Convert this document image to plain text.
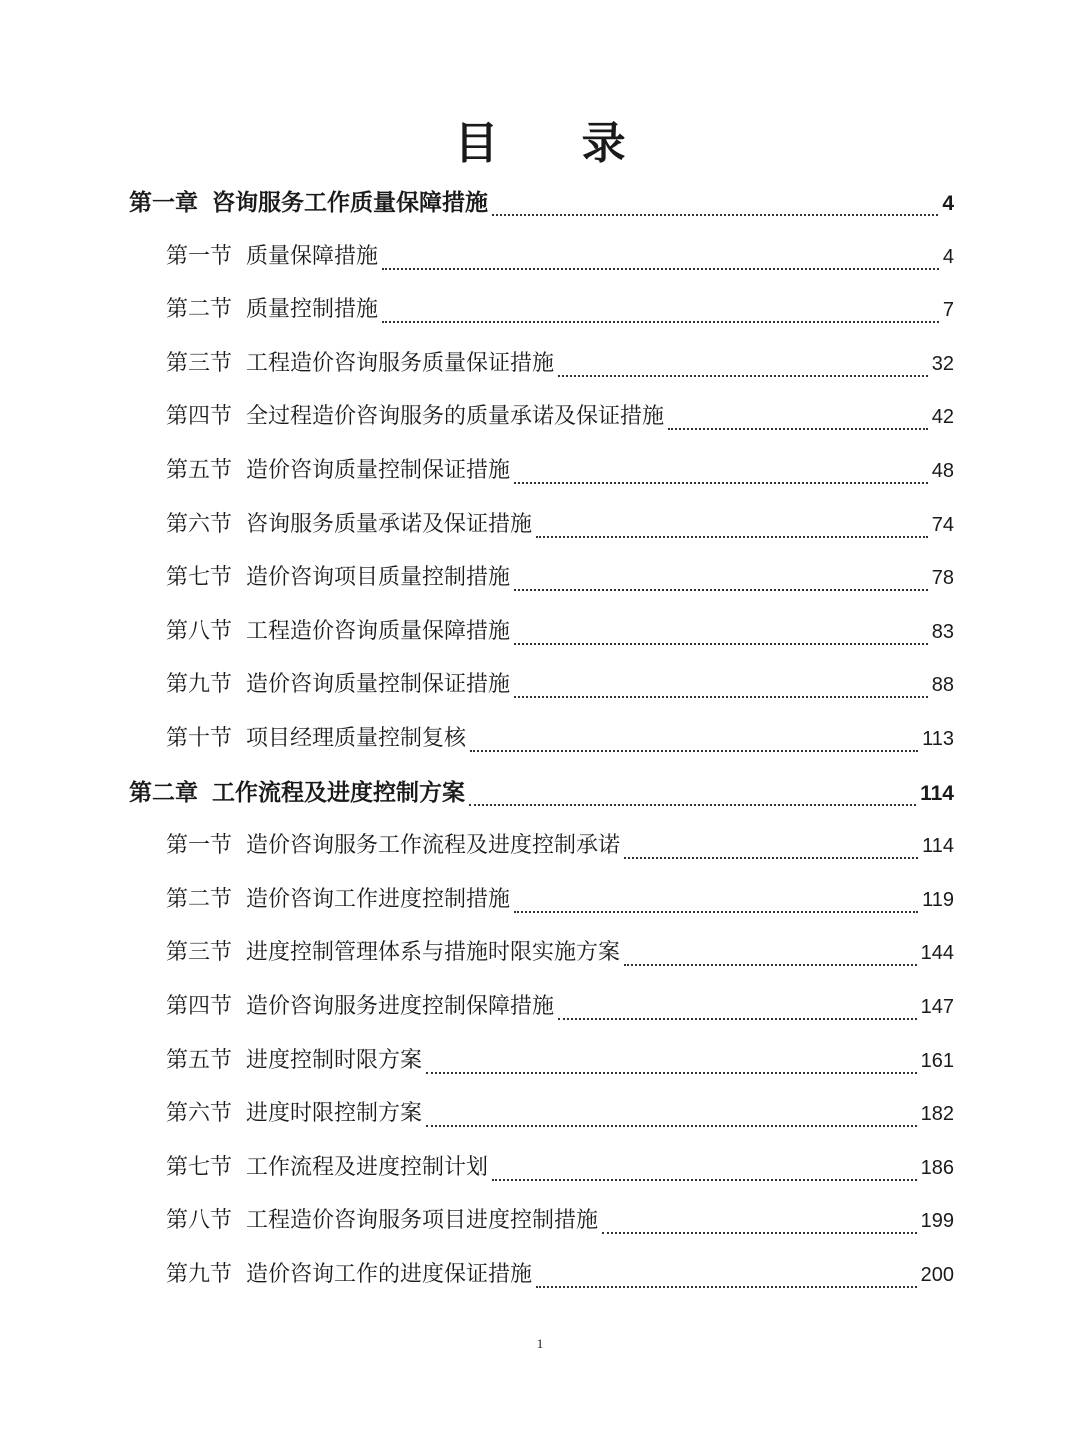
目 录
第一章 咨询服务工作质量保障措施	4
第一节 质量保障措施	4
第二节 质量控制措施	7
第三节 工程造价咨询服务质量保证措施	32
第四节 全过程造价咨询服务的质量承诺及保证措施	42
第五节 造价咨询质量控制保证措施	48
第六节 咨询服务质量承诺及保证措施	74
第七节 造价咨询项目质量控制措施	78
第八节 工程造价咨询质量保障措施	83
第九节 造价咨询质量控制保证措施	88
第十节 项目经理质量控制复核	113
第二章 工作流程及进度控制方案	114
第一节 造价咨询服务工作流程及进度控制承诺	114
第二节 造价咨询工作进度控制措施	119
第三节 进度控制管理体系与措施时限实施方案	144
第四节 造价咨询服务进度控制保障措施	147
第五节 进度控制时限方案	161
第六节 进度时限控制方案	182
第七节 工作流程及进度控制计划	186
第八节 工程造价咨询服务项目进度控制措施	199
第九节 造价咨询工作的进度保证措施	200
1
